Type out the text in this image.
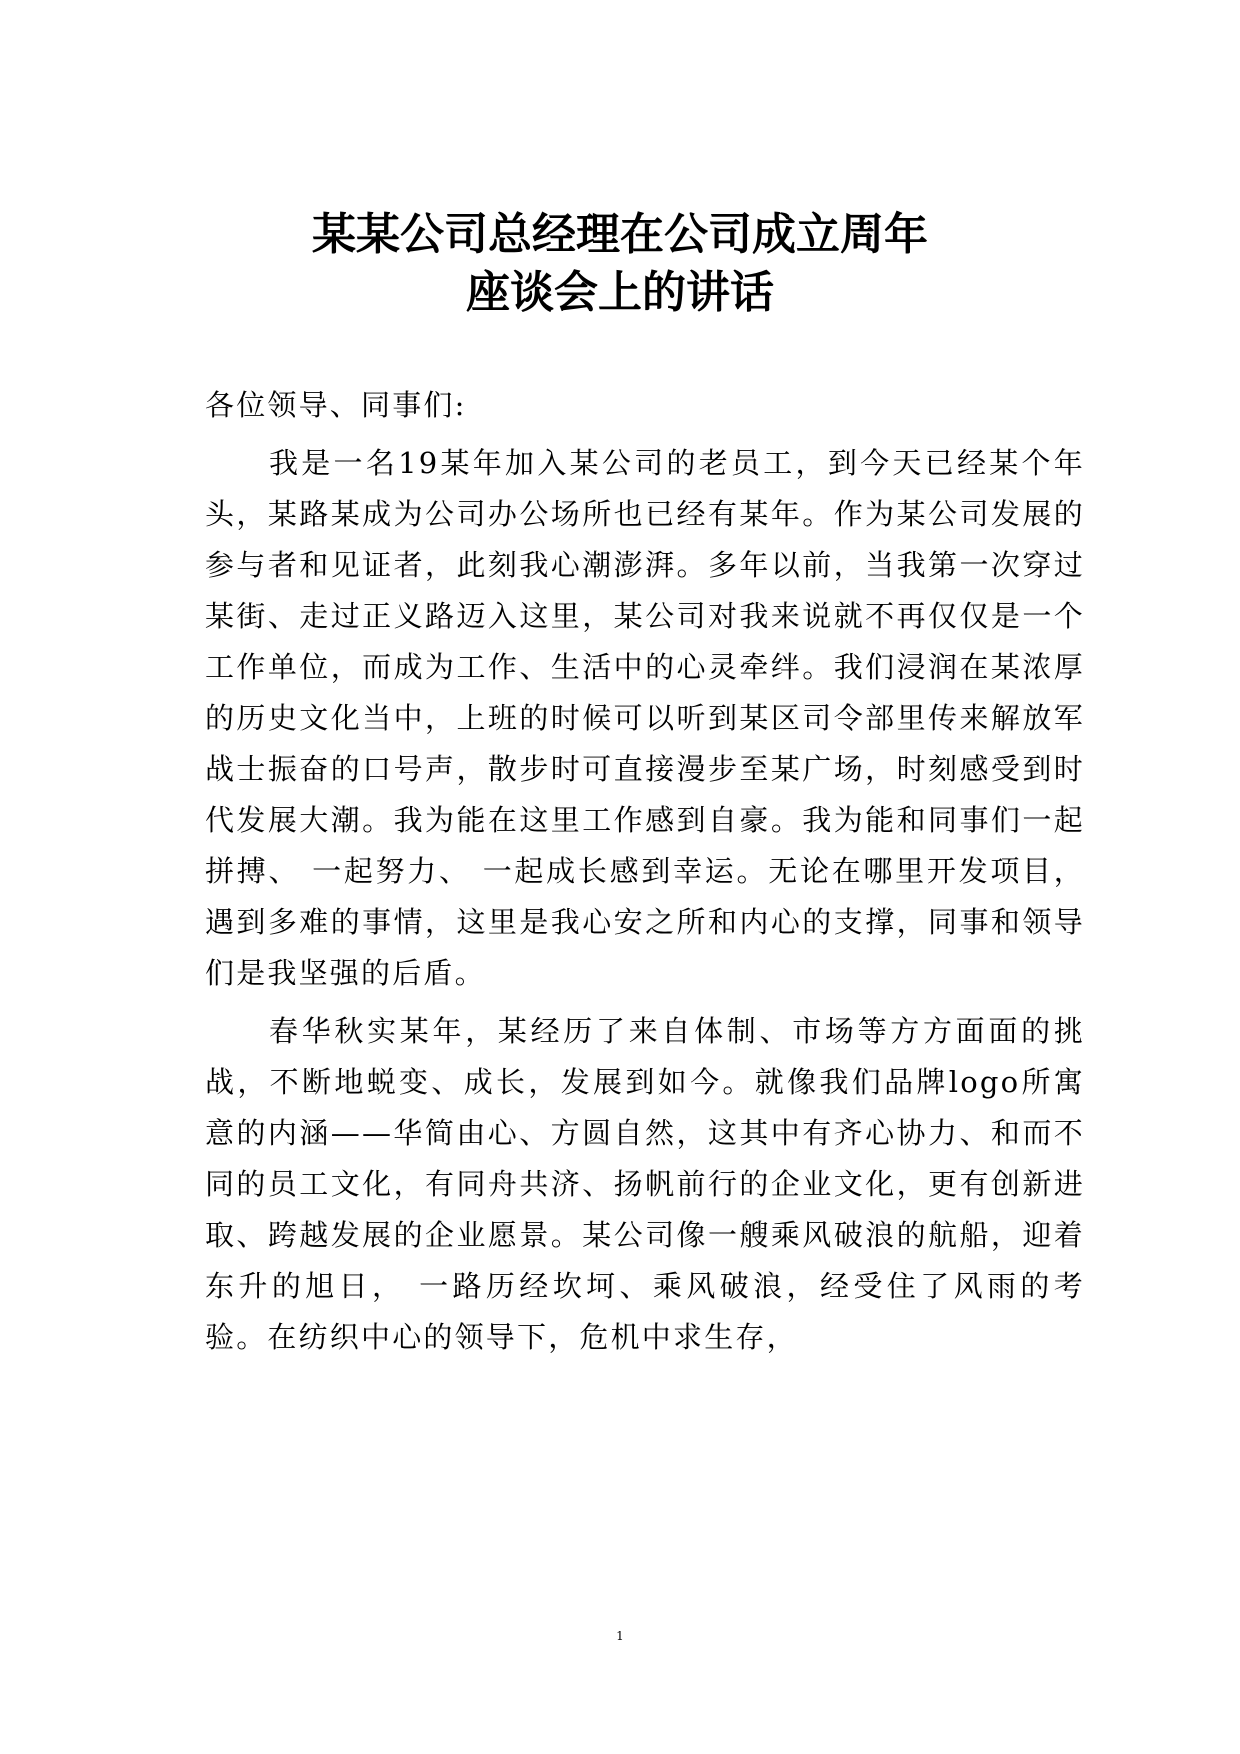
某某公司总经理在公司成立周年
座谈会上的讲话
各位领导、同事们:

我是一名19某年加入某公司的老员工，到今天已经某个年头，某路某成为公司办公场所也已经有某年。作为某公司发展的参与者和见证者，此刻我心潮澎湃。多年以前，当我第一次穿过某街、走过正义路迈入这里，某公司对我来说就不再仅仅是一个工作单位，而成为工作、生活中的心灵牵绊。我们浸润在某浓厚的历史文化当中，上班的时候可以听到某区司令部里传来解放军战士振奋的口号声，散步时可直接漫步至某广场，时刻感受到时代发展大潮。我为能在这里工作感到自豪。我为能和同事们一起拼搏、 一起努力、 一起成长感到幸运。无论在哪里开发项目，遇到多难的事情，这里是我心安之所和内心的支撑，同事和领导们是我坚强的后盾。

春华秋实某年，某经历了来自体制、市场等方方面面的挑战，不断地蜕变、成长，发展到如今。就像我们品牌logo所寓意的内涵——华简由心、方圆自然，这其中有齐心协力、和而不同的员工文化，有同舟共济、扬帆前行的企业文化，更有创新进取、跨越发展的企业愿景。某公司像一艘乘风破浪的航船，迎着东升的旭日， 一路历经坎坷、乘风破浪，经受住了风雨的考验。在纺织中心的领导下，危机中求生存，

1
